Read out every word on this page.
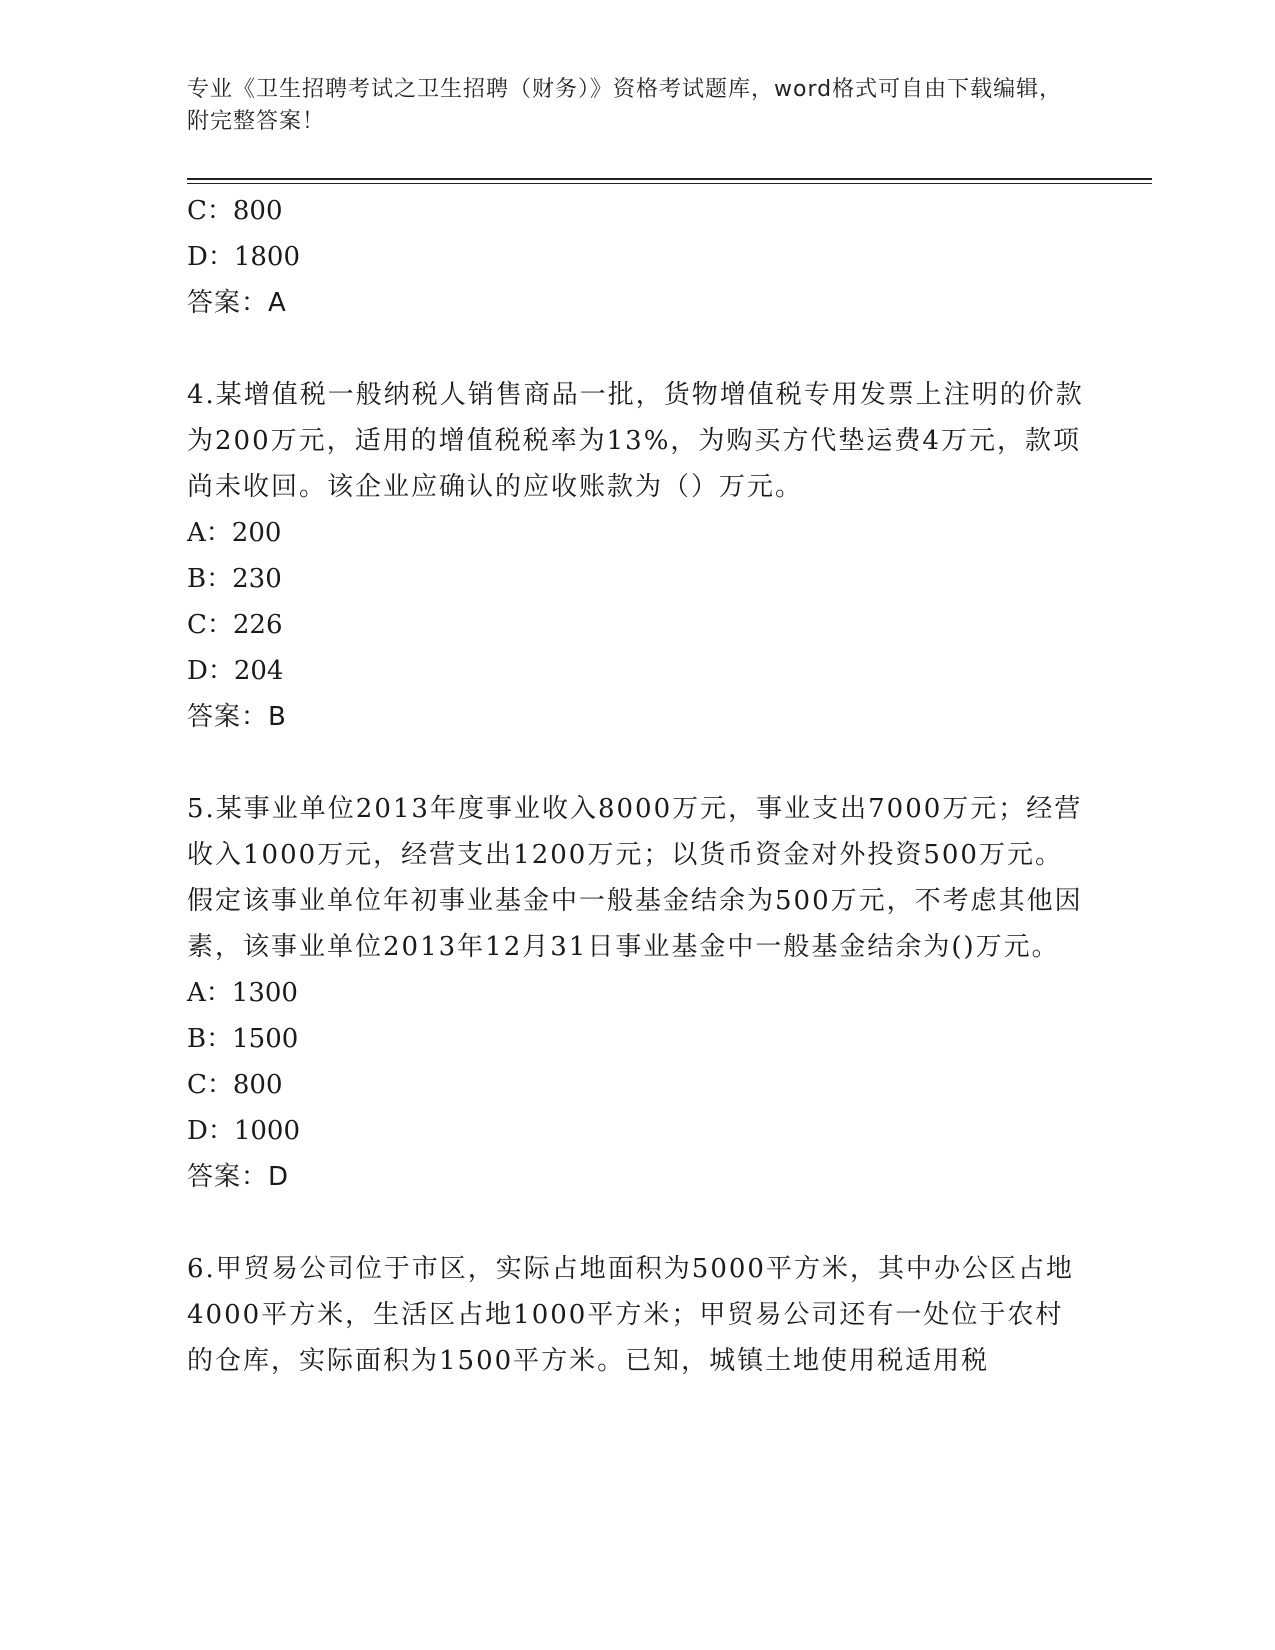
专业《卫生招聘考试之卫生招聘（财务）》资格考试题库，word格式可自由下载编辑，附完整答案！
C：800
D：1800
答案：A
4.某增值税一般纳税人销售商品一批，货物增值税专用发票上注明的价款为200万元，适用的增值税税率为13%，为购买方代垫运费4万元，款项尚未收回。该企业应确认的应收账款为（）万元。
A：200
B：230
C：226
D：204
答案：B
5.某事业单位2013年度事业收入8000万元，事业支出7000万元；经营收入1000万元，经营支出1200万元；以货币资金对外投资500万元。假定该事业单位年初事业基金中一般基金结余为500万元，不考虑其他因素，该事业单位2013年12月31日事业基金中一般基金结余为()万元。
A：1300
B：1500
C：800
D：1000
答案：D
6.甲贸易公司位于市区，实际占地面积为5000平方米，其中办公区占地4000平方米，生活区占地1000平方米；甲贸易公司还有一处位于农村的仓库，实际面积为1500平方米。已知，城镇土地使用税适用税
